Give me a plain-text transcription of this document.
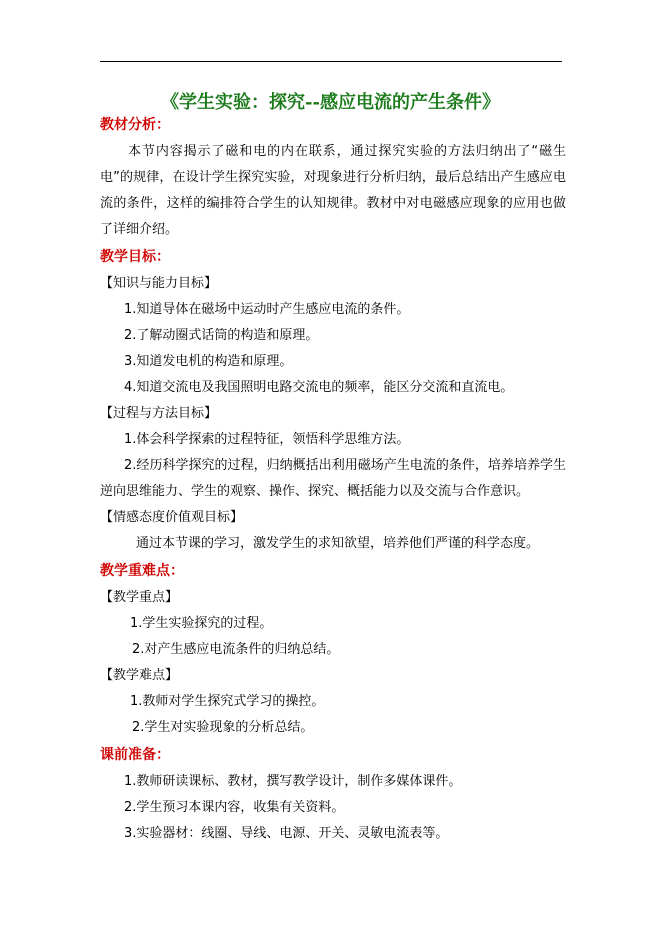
《学生实验：探究--感应电流的产生条件》

教材分析：

本节内容揭示了磁和电的内在联系，通过探究实验的方法归纳出了“磁生电”的规律，在设计学生探究实验，对现象进行分析归纳，最后总结出产生感应电流的条件，这样的编排符合学生的认知规律。教材中对电磁感应现象的应用也做了详细介绍。

教学目标：

【知识与能力目标】

1.知道导体在磁场中运动时产生感应电流的条件。

2.了解动圈式话筒的构造和原理。

3.知道发电机的构造和原理。

4.知道交流电及我国照明电路交流电的频率，能区分交流和直流电。

【过程与方法目标】

1.体会科学探索的过程特征，领悟科学思维方法。

2.经历科学探究的过程，归纳概括出利用磁场产生电流的条件，培养培养学生逆向思维能力、学生的观察、操作、探究、概括能力以及交流与合作意识。

【情感态度价值观目标】

通过本节课的学习，激发学生的求知欲望，培养他们严谨的科学态度。

教学重难点：

【教学重点】

1.学生实验探究的过程。

2.对产生感应电流条件的归纳总结。

【教学难点】

1.教师对学生探究式学习的操控。

2.学生对实验现象的分析总结。

课前准备：

1.教师研读课标、教材，撰写教学设计，制作多媒体课件。

2.学生预习本课内容，收集有关资料。

3.实验器材：线圈、导线、电源、开关、灵敏电流表等。
